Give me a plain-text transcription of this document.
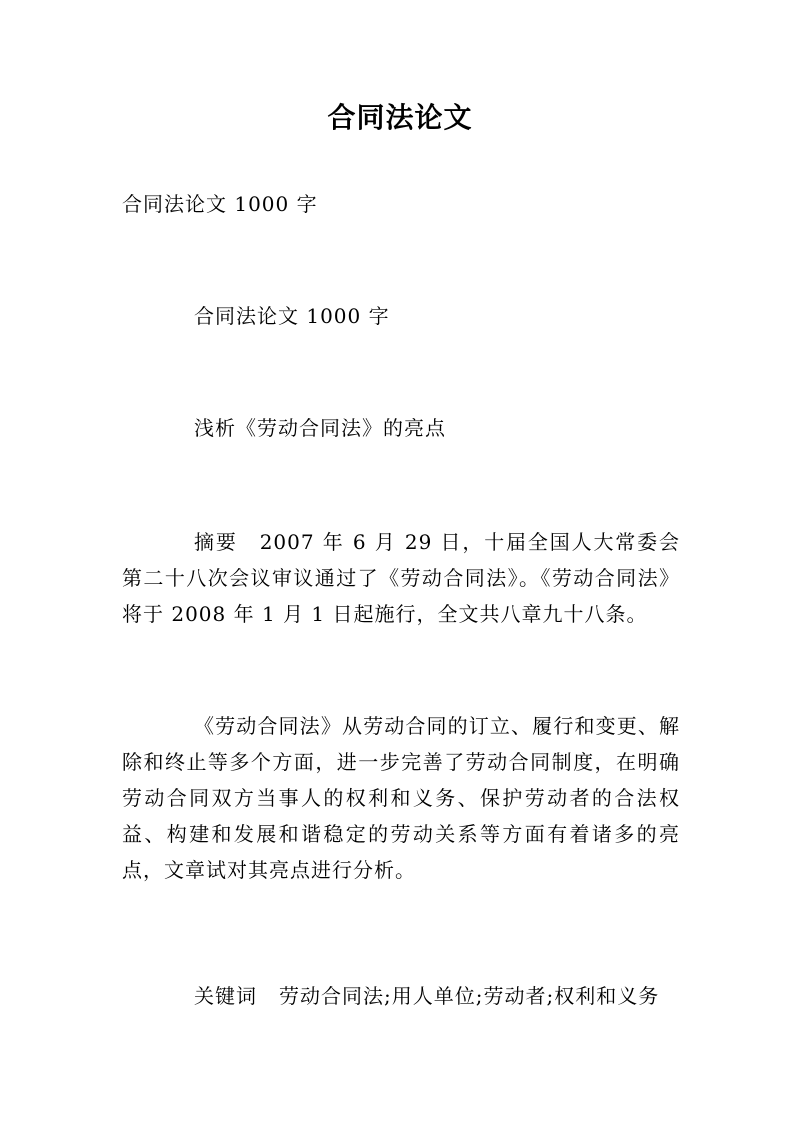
合同法论文
合同法论文 1000 字
合同法论文 1000 字
浅析《劳动合同法》的亮点

摘要 2007 年 6 月 29 日，十届全国人大常委会第二十八次会议审议通过了《劳动合同法》。《劳动合同法》将于 2008 年 1 月 1 日起施行，全文共八章九十八条。

《劳动合同法》从劳动合同的订立、履行和变更、解除和终止等多个方面，进一步完善了劳动合同制度，在明确劳动合同双方当事人的权利和义务、保护劳动者的合法权益、构建和发展和谐稳定的劳动关系等方面有着诸多的亮点，文章试对其亮点进行分析。

关键词 劳动合同法;用人单位;劳动者;权利和义务
